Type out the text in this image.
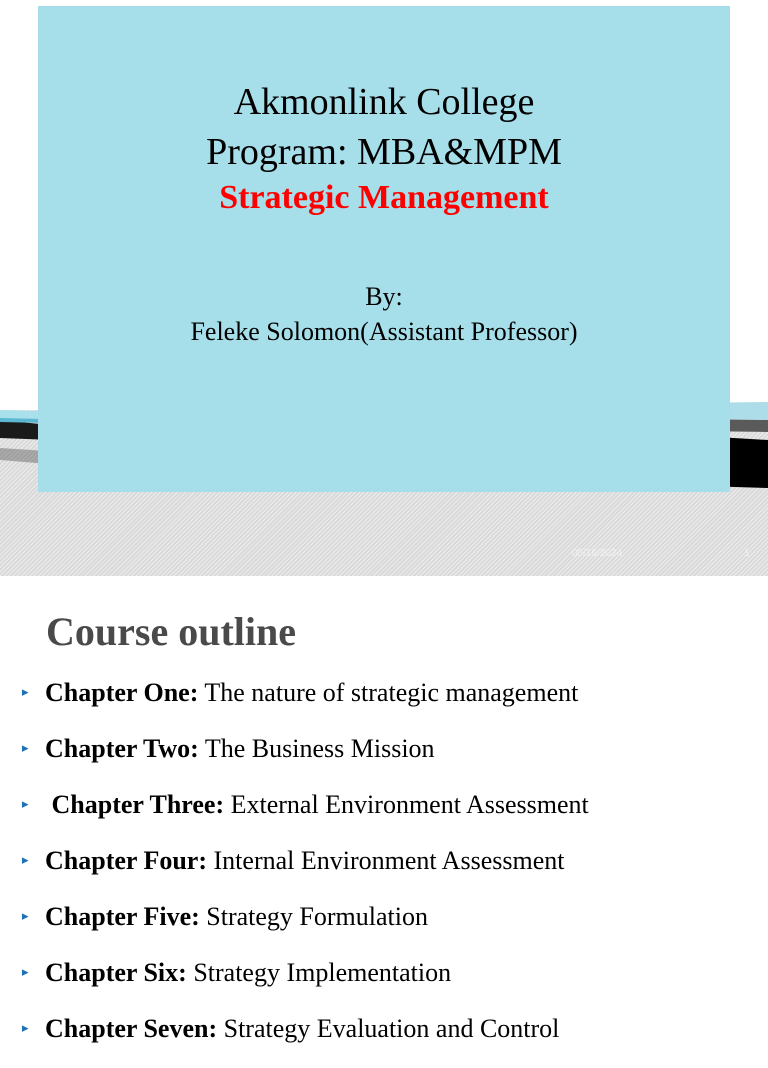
Akmonlink College
Program: MBA&MPM
Strategic Management
By:
Feleke Solomon(Assistant Professor)
05/16/2024	1
Course outline
▸ Chapter One: The nature of strategic management
▸ Chapter Two: The Business Mission
▸ Chapter Three: External Environment Assessment
▸ Chapter Four: Internal Environment Assessment
▸ Chapter Five: Strategy Formulation
▸ Chapter Six: Strategy Implementation
▸ Chapter Seven: Strategy Evaluation and Control
